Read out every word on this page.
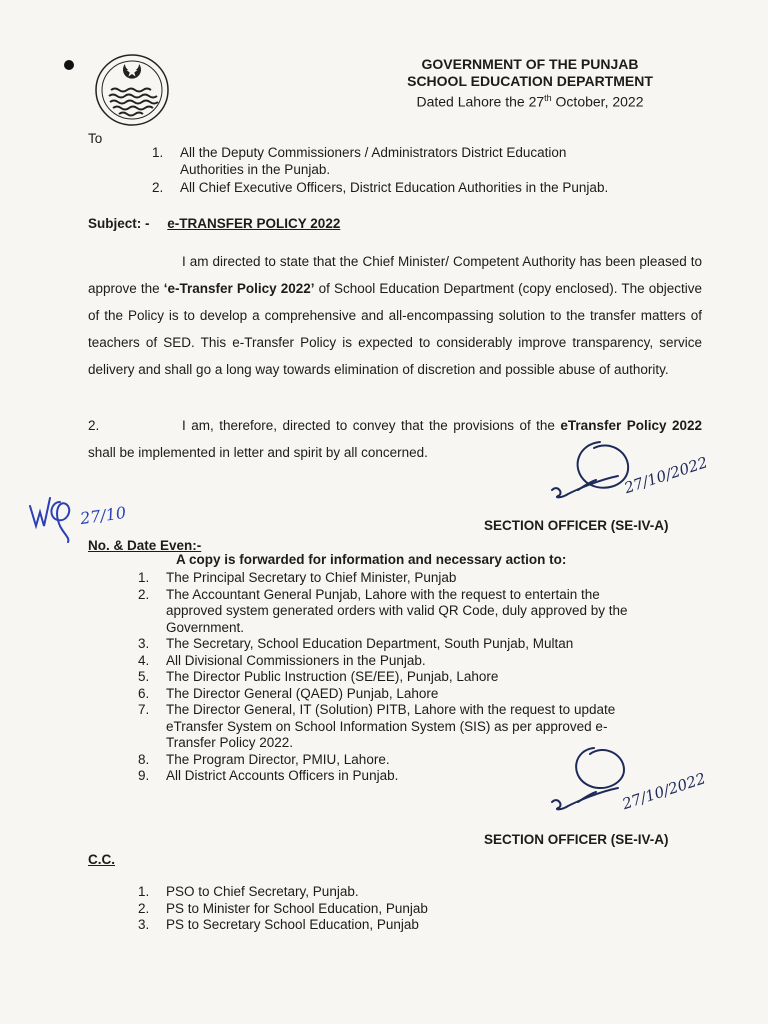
GOVERNMENT OF THE PUNJAB
SCHOOL EDUCATION DEPARTMENT
Dated Lahore the 27th October, 2022
To
1. All the Deputy Commissioners / Administrators District Education
Authorities in the Punjab.
2. All Chief Executive Officers, District Education Authorities in the Punjab.
Subject: - e-TRANSFER POLICY 2022
I am directed to state that the Chief Minister/ Competent Authority has been pleased to approve the ‘e-Transfer Policy 2022’ of School Education Department (copy enclosed). The objective of the Policy is to develop a comprehensive and all-encompassing solution to the transfer matters of teachers of SED. This e-Transfer Policy is expected to considerably improve transparency, service delivery and shall go a long way towards elimination of discretion and possible abuse of authority.
2.	I am, therefore, directed to convey that the provisions of the eTransfer Policy 2022 shall be implemented in letter and spirit by all concerned.
27/10/2022
SECTION OFFICER (SE-IV-A)
27/10
No. & Date Even:-
A copy is forwarded for information and necessary action to:
1. The Principal Secretary to Chief Minister, Punjab
2. The Accountant General Punjab, Lahore with the request to entertain the
approved system generated orders with valid QR Code, duly approved by the
Government.
3. The Secretary, School Education Department, South Punjab, Multan
4. All Divisional Commissioners in the Punjab.
5. The Director Public Instruction (SE/EE), Punjab, Lahore
6. The Director General (QAED) Punjab, Lahore
7. The Director General, IT (Solution) PITB, Lahore with the request to update
eTransfer System on School Information System (SIS) as per approved e-
Transfer Policy 2022.
8. The Program Director, PMIU, Lahore.
9. All District Accounts Officers in Punjab.	27/10/2022
SECTION OFFICER (SE-IV-A)
C.C.
1. PSO to Chief Secretary, Punjab.
2. PS to Minister for School Education, Punjab
3. PS to Secretary School Education, Punjab
